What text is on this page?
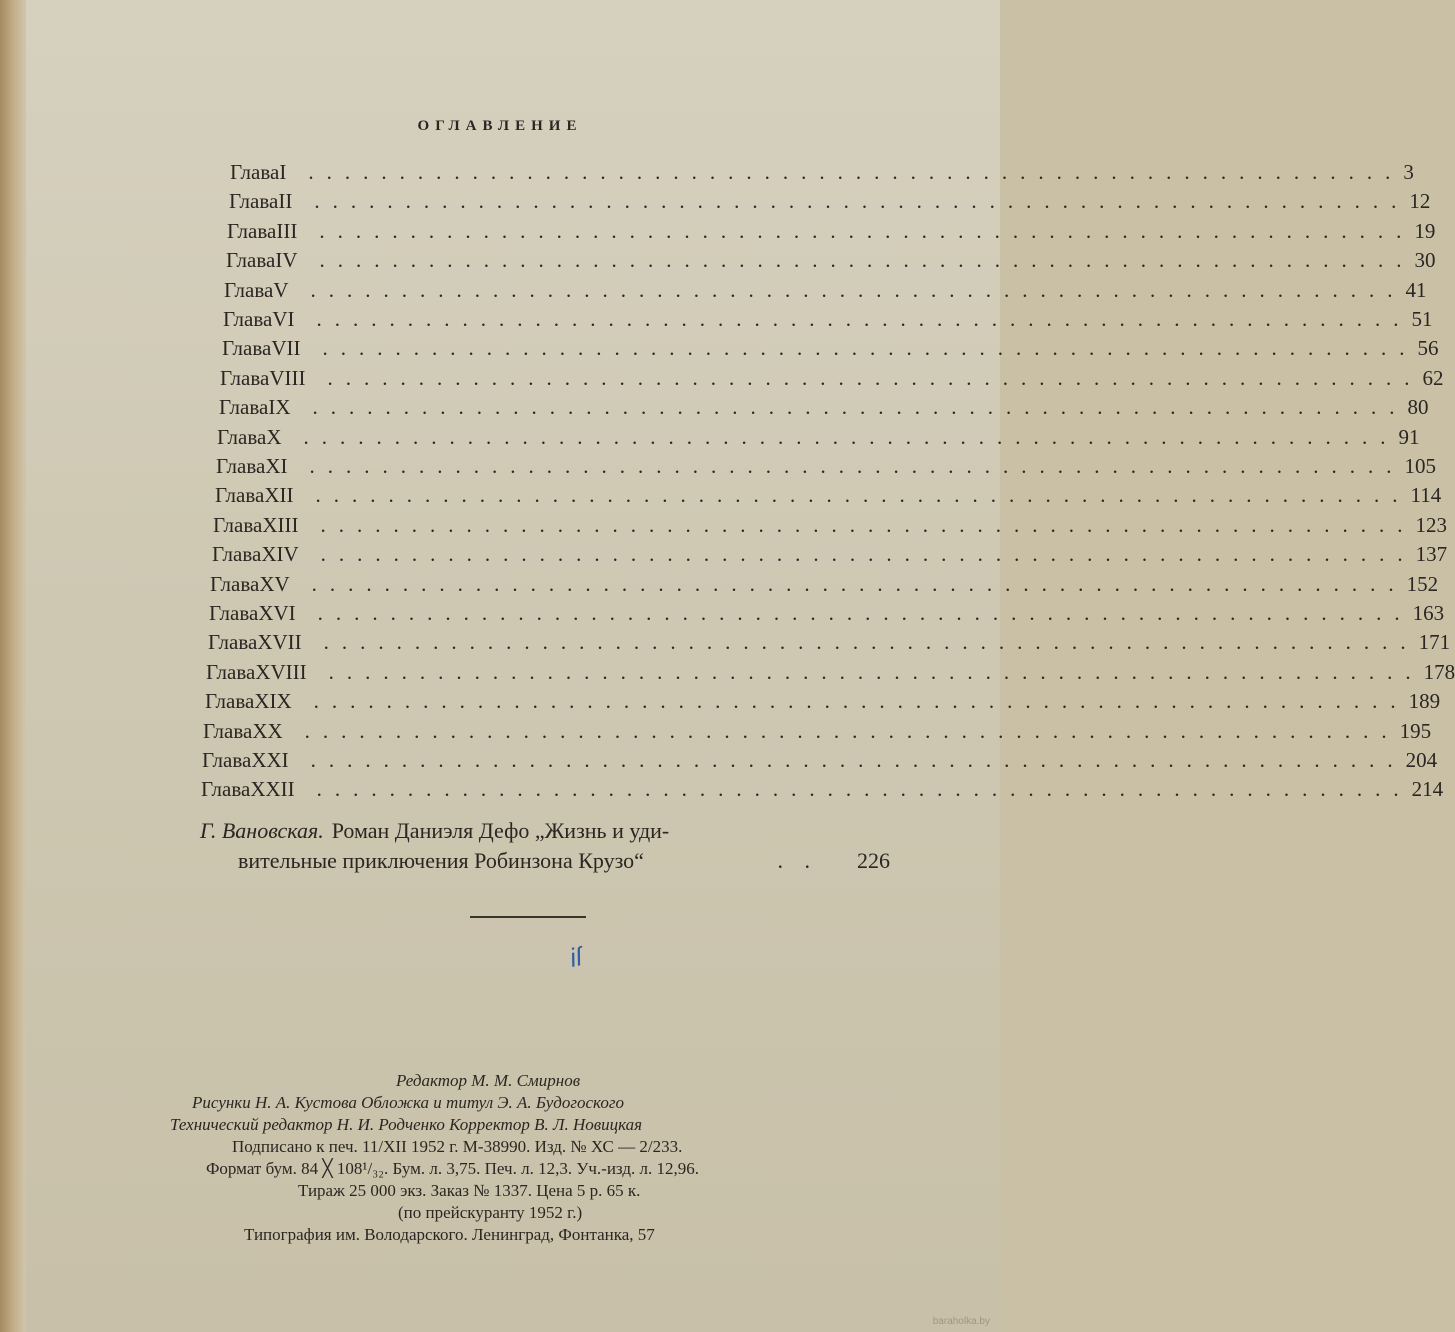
ОГЛАВЛЕНИЕ
Глава I	............................................................ 3
Глава II	............................................................ 12
Глава III	............................................................ 19
Глава IV	............................................................ 30
Глава V	............................................................ 41
Глава VI	............................................................ 51
Глава VII	............................................................ 56
Глава VIII	............................................................ 62
Глава IX	............................................................ 80
Глава X	............................................................ 91
Глава XI	............................................................ 105
Глава XII	............................................................ 114
Глава XIII	............................................................ 123
Глава XIV	............................................................ 137
Глава XV	............................................................ 152
Глава XVI	............................................................ 163
Глава XVII	............................................................ 171
Глава XVIII	............................................................ 178
Глава XIX	............................................................ 189
Глава XX	............................................................ 195
Глава XXI	............................................................ 204
Глава XXII	............................................................ 214
Г. Вановская. Роман Даниэля Дефо „Жизнь и уди-
вительные приключения Робинзона Крузо“	. .	226
iſ
Редактор М. М. Смирнов
Рисунки Н. А. Кустова Обложка и титул Э. А. Будогоского
Технический редактор Н. И. Родченко Корректор В. Л. Новицкая
Подписано к печ. 11/XII 1952 г. М-38990. Изд. № ХС — 2/233.
Формат бум. 84 ╳ 108¹/₃₂. Бум. л. 3,75. Печ. л. 12,3. Уч.-изд. л. 12,96.
Тираж 25 000 экз. Заказ № 1337. Цена 5 р. 65 к.
(по прейскуранту 1952 г.)
Типография им. Володарского. Ленинград, Фонтанка, 57
baraholka.by
